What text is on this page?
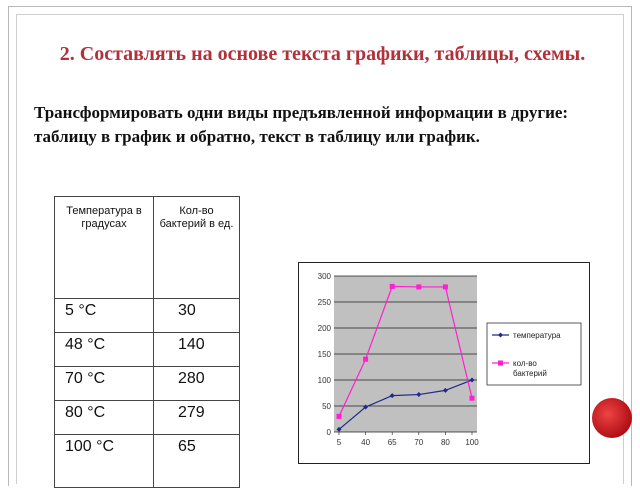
2. Составлять на основе текста графики, таблицы, схемы.
Трансформировать одни виды предъявленной информации в другие: таблицу в график и обратно, текст в таблицу или график.
Температура в градусах	Кол-во бактерий в ед.
5 °С	30
48 °С	140
70 °С	280
80 °С	279
100 °С	65
0
50
100
150
200
250
300
5 40 65 70 80 100
температура
кол-во
бактерий
